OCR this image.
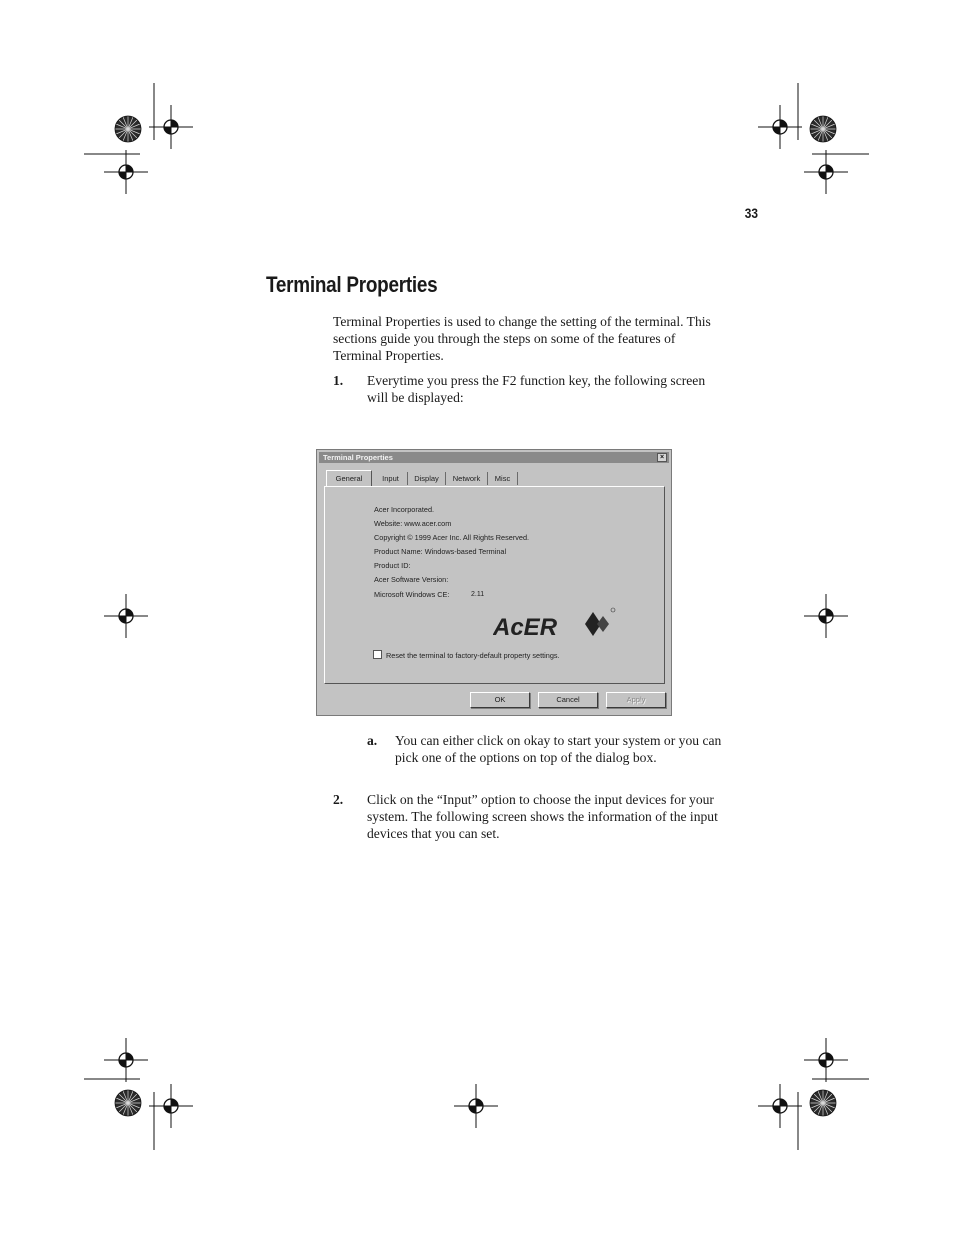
33
Terminal Properties

Terminal Properties is used to change the setting of the terminal. This sections guide you through the steps on some of the features of Terminal Properties.

1. Everytime you press the F2 function key, the following screen will be displayed:
Terminal Properties	×
General	Input	Display	Network	Misc
Acer Incorporated.
Website: www.acer.com
Copyright © 1999 Acer Inc. All Rights Reserved.
Product Name: Windows-based Terminal
Product ID:
Acer Software Version:
Microsoft Windows CE:	2.11
AcER
Reset the terminal to factory-default property settings.
OK	Cancel	Apply
a. You can either click on okay to start your system or you can pick one of the options on top of the dialog box.
2. Click on the “Input” option to choose the input devices for your system. The following screen shows the information of the input devices that you can set.
